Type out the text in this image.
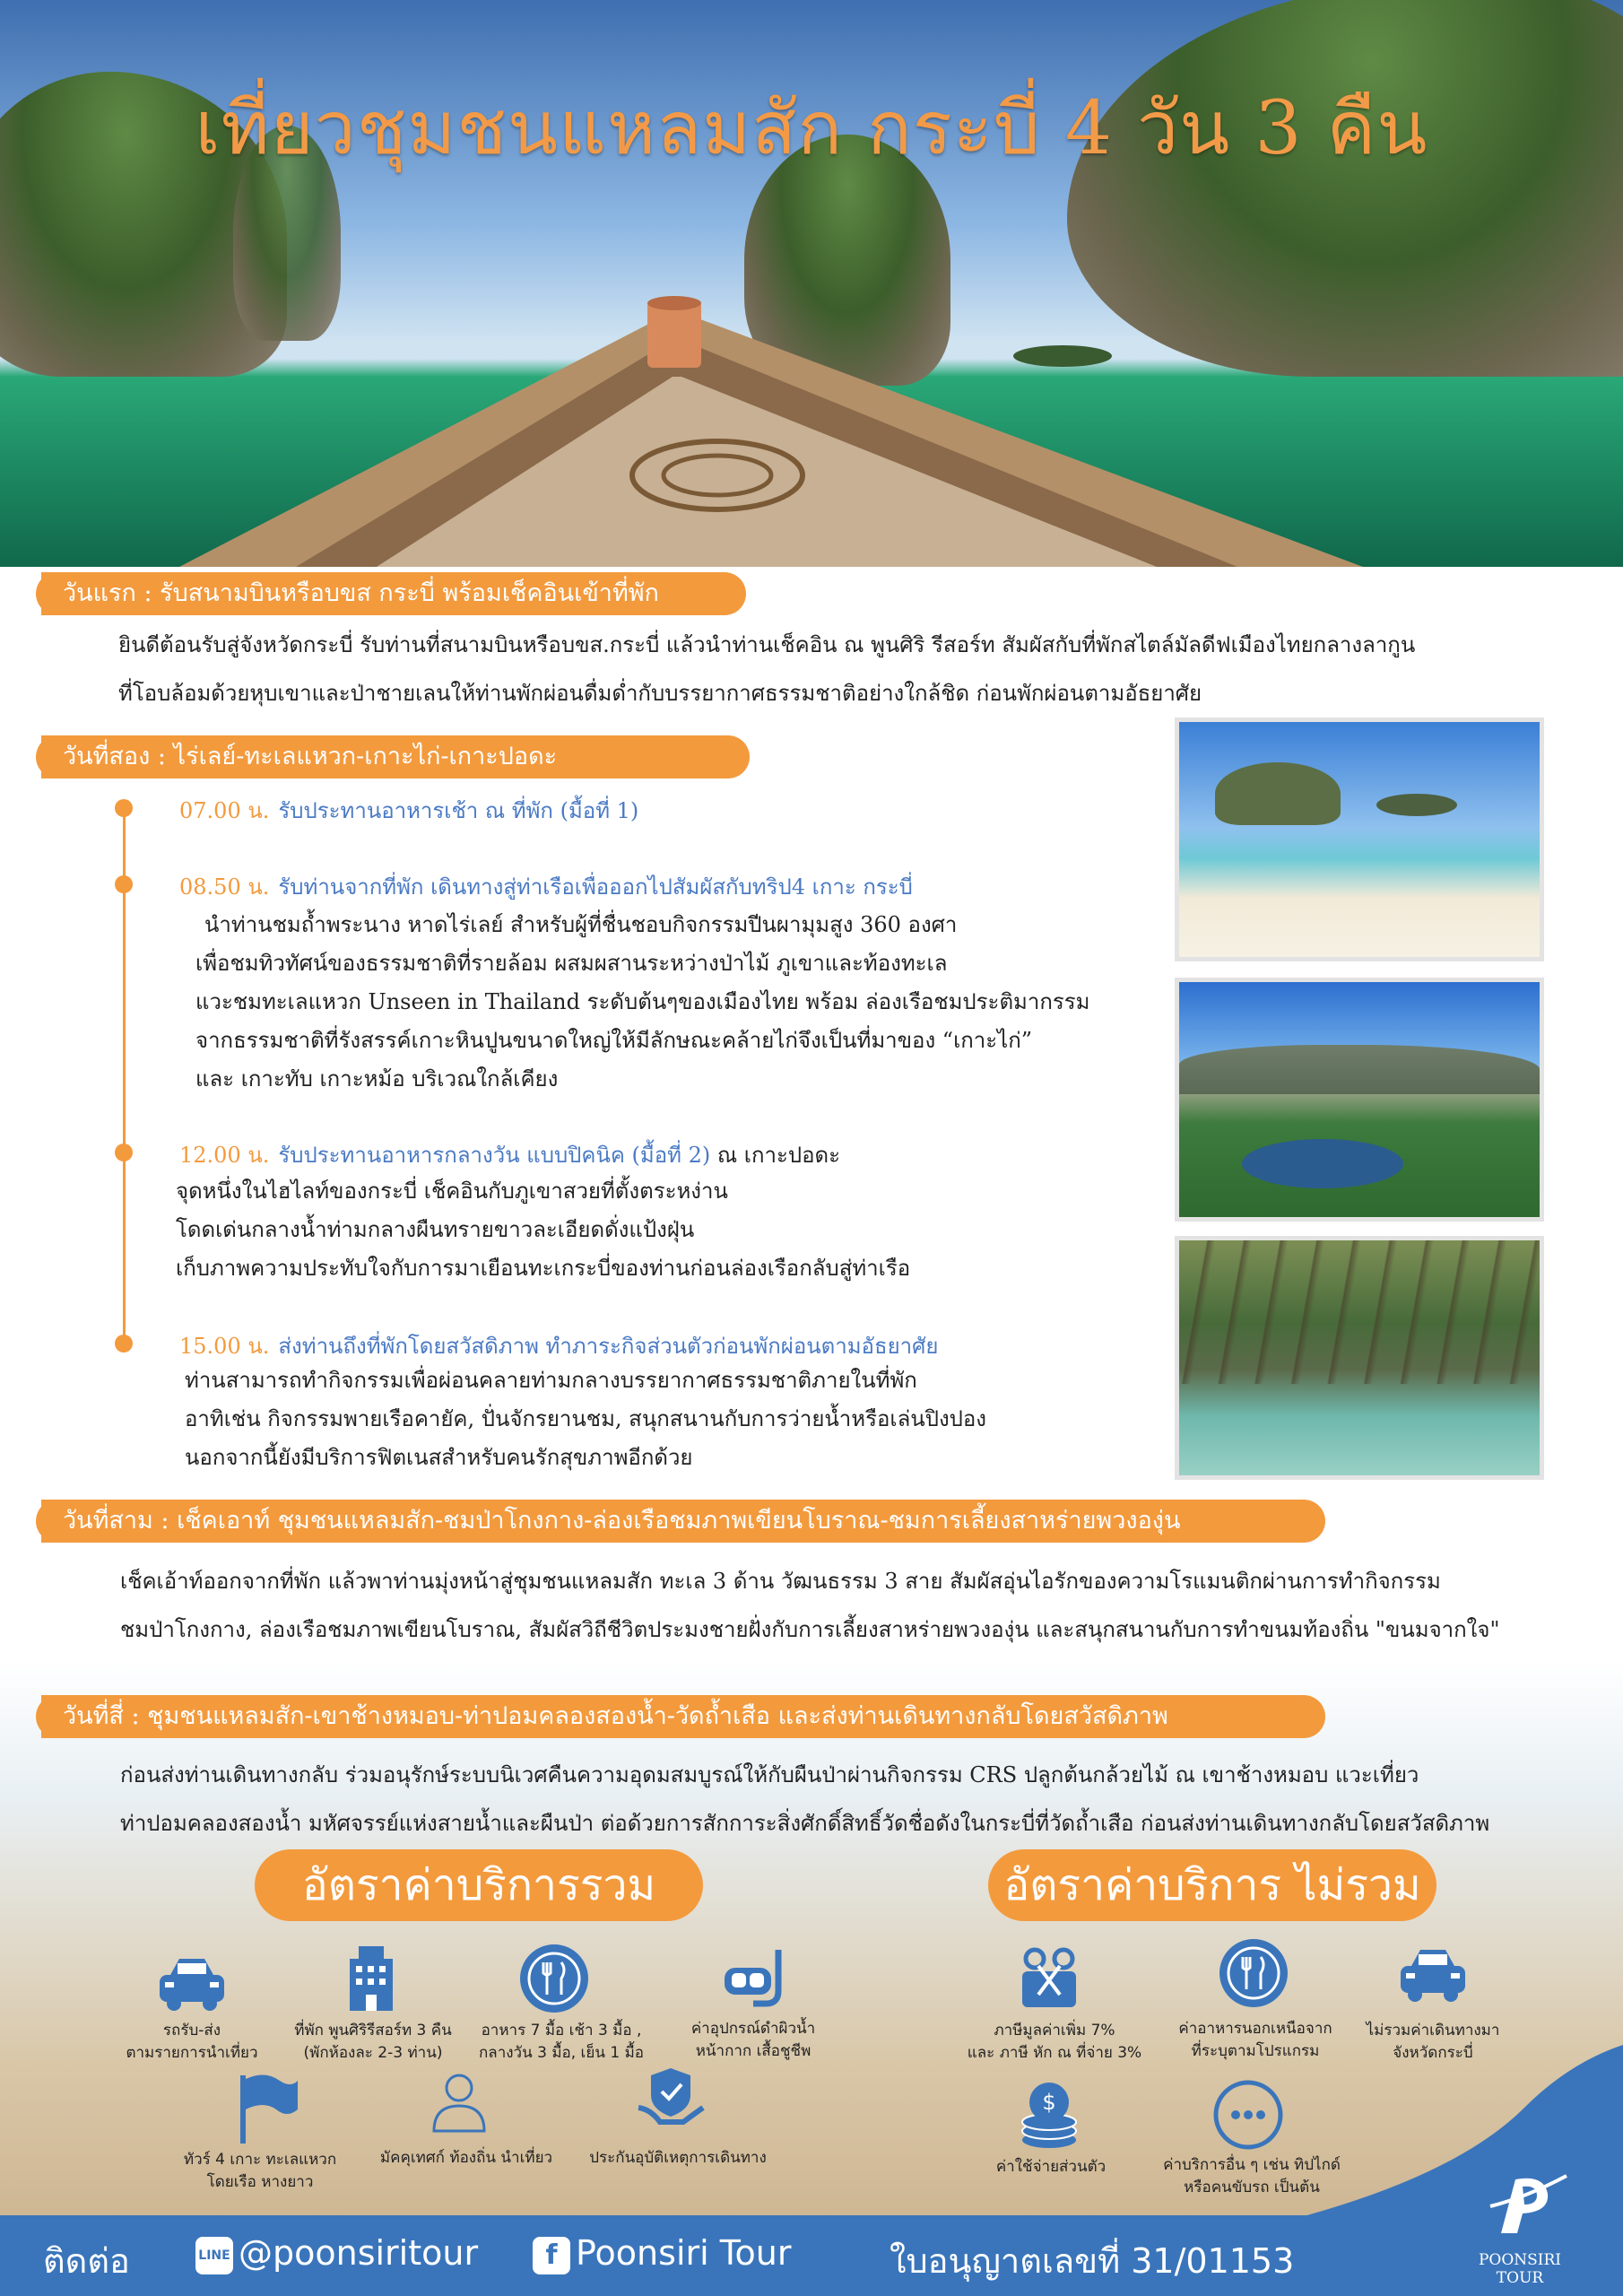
เที่ยวชุมชนแหลมสัก กระบี่ 4 วัน 3 คืน
วันแรก : รับสนามบินหรือบขส กระบี่ พร้อมเช็คอินเข้าที่พัก
ยินดีต้อนรับสู่จังหวัดกระบี่ รับท่านที่สนามบินหรือบขส.กระบี่ แล้วนำท่านเช็คอิน ณ พูนศิริ รีสอร์ท สัมผัสกับที่พักสไตล์มัลดีฟเมืองไทยกลางลากูน
ที่โอบล้อมด้วยหุบเขาและป่าชายเลนให้ท่านพักผ่อนดื่มด่ำกับบรรยากาศธรรมชาติอย่างใกล้ชิด ก่อนพักผ่อนตามอัธยาศัย
วันที่สอง : ไร่เลย์-ทะเลแหวก-เกาะไก่-เกาะปอดะ
07.00 น. รับประทานอาหารเช้า ณ ที่พัก (มื้อที่ 1)
08.50 น. รับท่านจากที่พัก เดินทางสู่ท่าเรือเพื่อออกไปสัมผัสกับทริป4 เกาะ กระบี่
นำท่านชมถ้ำพระนาง หาดไร่เลย์ สำหรับผู้ที่ชื่นชอบกิจกรรมปีนผามุมสูง 360 องศา
เพื่อชมทิวทัศน์ของธรรมชาติที่รายล้อม ผสมผสานระหว่างป่าไม้ ภูเขาและท้องทะเล
แวะชมทะเลแหวก Unseen in Thailand ระดับต้นๆของเมืองไทย พร้อม ล่องเรือชมประติมากรรม
จากธรรมชาติที่รังสรรค์เกาะหินปูนขนาดใหญ่ให้มีลักษณะคล้ายไก่จึงเป็นที่มาของ “เกาะไก่”
และ เกาะทับ เกาะหม้อ บริเวณใกล้เคียง
12.00 น. รับประทานอาหารกลางวัน แบบปิคนิค (มื้อที่ 2) ณ เกาะปอดะ
จุดหนึ่งในไฮไลท์ของกระบี่ เช็คอินกับภูเขาสวยที่ตั้งตระหง่าน
โดดเด่นกลางน้ำท่ามกลางผืนทรายขาวละเอียดดั่งแป้งฝุ่น
เก็บภาพความประทับใจกับการมาเยือนทะเกระบี่ของท่านก่อนล่องเรือกลับสู่ท่าเรือ
15.00 น. ส่งท่านถึงที่พักโดยสวัสดิภาพ ทำภาระกิจส่วนตัวก่อนพักผ่อนตามอัธยาศัย
ท่านสามารถทำกิจกรรมเพื่อผ่อนคลายท่ามกลางบรรยากาศธรรมชาติภายในที่พัก
อาทิเช่น กิจกรรมพายเรือคายัค, ปั่นจักรยานชม, สนุกสนานกับการว่ายน้ำหรือเล่นปิงปอง
นอกจากนี้ยังมีบริการฟิตเนสสำหรับคนรักสุขภาพอีกด้วย
วันที่สาม : เช็คเอาท์ ชุมชนแหลมสัก-ชมป่าโกงกาง-ล่องเรือชมภาพเขียนโบราณ-ชมการเลี้ยงสาหร่ายพวงองุ่น
เช็คเอ้าท์ออกจากที่พัก แล้วพาท่านมุ่งหน้าสู่ชุมชนแหลมสัก ทะเล 3 ด้าน วัฒนธรรม 3 สาย สัมผัสอุ่นไอรักของความโรแมนติกผ่านการทำกิจกรรม
ชมป่าโกงกาง, ล่องเรือชมภาพเขียนโบราณ, สัมผัสวิถีชีวิตประมงชายฝั่งกับการเลี้ยงสาหร่ายพวงองุ่น และสนุกสนานกับการทำขนมท้องถิ่น "ขนมจากใจ"
วันที่สี่ : ชุมชนแหลมสัก-เขาช้างหมอบ-ท่าปอมคลองสองน้ำ-วัดถ้ำเสือ และส่งท่านเดินทางกลับโดยสวัสดิภาพ
ก่อนส่งท่านเดินทางกลับ ร่วมอนุรักษ์ระบบนิเวศคืนความอุดมสมบูรณ์ให้กับผืนป่าผ่านกิจกรรม CRS ปลูกต้นกล้วยไม้ ณ เขาช้างหมอบ แวะเที่ยว
ท่าปอมคลองสองน้ำ มหัศจรรย์แห่งสายน้ำและผืนป่า ต่อด้วยการสักการะสิ่งศักดิ์สิทธิ์วัดชื่อดังในกระบี่ที่วัดถ้ำเสือ ก่อนส่งท่านเดินทางกลับโดยสวัสดิภาพ
อัตราค่าบริการรวม
รถรับ-ส่ง
ตามรายการนำเที่ยว
ที่พัก พูนศิริรีสอร์ท 3 คืน
(พักห้องละ 2-3 ท่าน)
อาหาร 7 มื้อ เช้า 3 มื้อ ,
กลางวัน 3 มื้อ, เย็น 1 มื้อ
ค่าอุปกรณ์ดำผิวน้ำ
หน้ากาก เสื้อชูชีพ
ทัวร์ 4 เกาะ ทะเลแหวก
โดยเรือ หางยาว
มัคคุเทศก์ ท้องถิ่น นำเที่ยว	ประกันอุบัติเหตุการเดินทาง
อัตราค่าบริการ ไม่รวม
ภาษีมูลค่าเพิ่ม 7%
และ ภาษี หัก ณ ที่จ่าย 3%
ค่าอาหารนอกเหนือจาก
ที่ระบุตามโปรแกรม
ไม่รวมค่าเดินทางมา
จังหวัดกระบี่
$
ค่าใช้จ่ายส่วนตัว	ค่าบริการอื่น ๆ เช่น ทิปไกด์
หรือคนขับรถ เป็นต้น
ติดต่อ	LINE @poonsiritour	f Poonsiri Tour	ใบอนุญาตเลขที่ 31/01153	POONSIRI
TOUR
